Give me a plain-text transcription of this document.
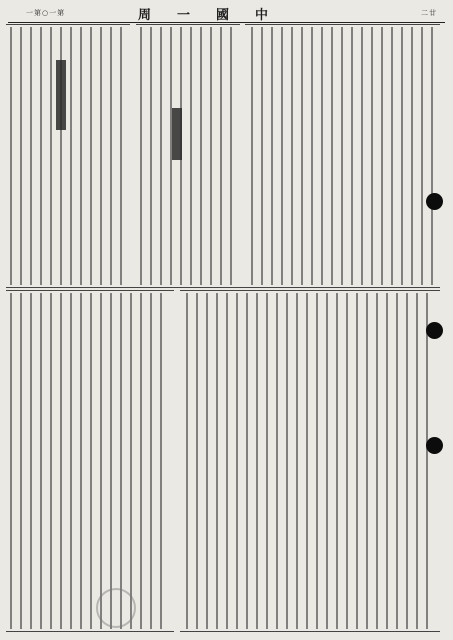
一第○一第	周一國中	二廿
